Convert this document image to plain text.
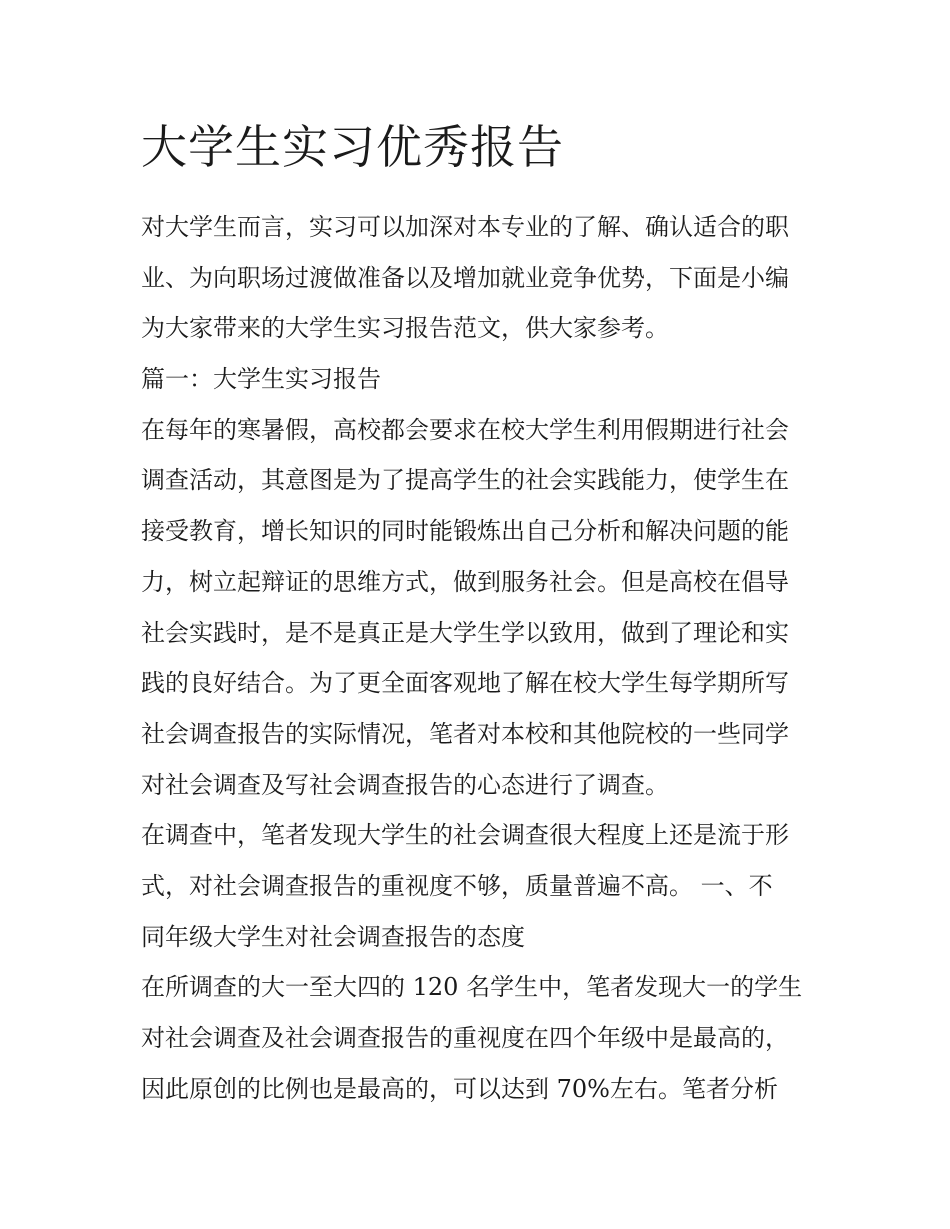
大学生实习优秀报告
对大学生而言，实习可以加深对本专业的了解、确认适合的职
业、为向职场过渡做准备以及增加就业竞争优势，下面是小编
为大家带来的大学生实习报告范文，供大家参考。
篇一：大学生实习报告
在每年的寒暑假，高校都会要求在校大学生利用假期进行社会
调查活动，其意图是为了提高学生的社会实践能力，使学生在
接受教育，增长知识的同时能锻炼出自己分析和解决问题的能
力，树立起辩证的思维方式，做到服务社会。但是高校在倡导
社会实践时，是不是真正是大学生学以致用，做到了理论和实
践的良好结合。为了更全面客观地了解在校大学生每学期所写
社会调查报告的实际情况，笔者对本校和其他院校的一些同学
对社会调查及写社会调查报告的心态进行了调查。
在调查中，笔者发现大学生的社会调查很大程度上还是流于形
式，对社会调查报告的重视度不够，质量普遍不高。 一、不
同年级大学生对社会调查报告的态度
在所调查的大一至大四的 120 名学生中，笔者发现大一的学生
对社会调查及社会调查报告的重视度在四个年级中是最高的，
因此原创的比例也是最高的，可以达到 70%左右。笔者分析
